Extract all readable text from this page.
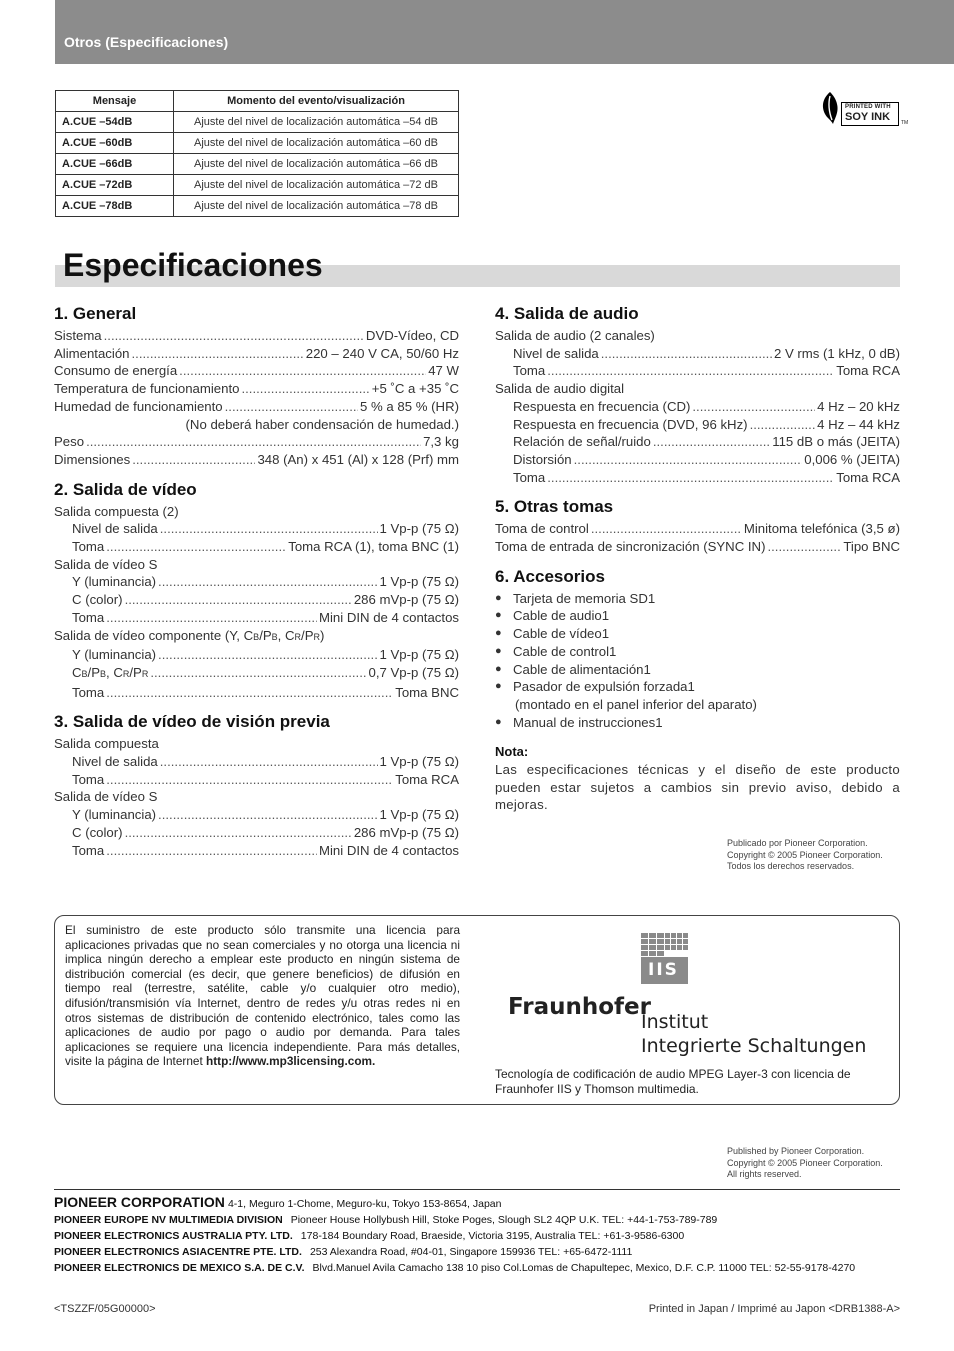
Otros (Especificaciones)
Mensaje	Momento del evento/visualización
A.CUE –54dB	Ajuste del nivel de localización automática –54 dB
A.CUE –60dB	Ajuste del nivel de localización automática –60 dB
A.CUE –66dB	Ajuste del nivel de localización automática –66 dB
A.CUE –72dB	Ajuste del nivel de localización automática –72 dB
A.CUE –78dB	Ajuste del nivel de localización automática –78 dB
PRINTED WITH
SOY INK TM
Especificaciones
1. General
Sistema .....	DVD-Vídeo, CD
Alimentación .....	220 – 240 V CA, 50/60 Hz
Consumo de energía .....	47 W
Temperatura de funcionamiento .....	+5 ˚C a +35 ˚C
Humedad de funcionamiento .....	5 % a 85 % (HR)
(No deberá haber condensación de humedad.)
Peso .....	7,3 kg
Dimensiones .....	348 (An) x 451 (Al) x 128 (Prf) mm
2. Salida de vídeo
Salida compuesta (2)
Nivel de salida .....	1 Vp-p (75 Ω)
Toma .....	Toma RCA (1), toma BNC (1)
Salida de vídeo S
Y (luminancia) .....	1 Vp-p (75 Ω)
C (color) .....	286 mVp-p (75 Ω)
Toma .....	Mini DIN de 4 contactos
Salida de vídeo componente (Y, CB/PB, CR/PR)
Y (luminancia) .....	1 Vp-p (75 Ω)
CB/PB, CR/PR .....	0,7 Vp-p (75 Ω)
Toma .....	Toma BNC
3. Salida de vídeo de visión previa
Salida compuesta
Nivel de salida .....	1 Vp-p (75 Ω)
Toma .....	Toma RCA
Salida de vídeo S
Y (luminancia) .....	1 Vp-p (75 Ω)
C (color) .....	286 mVp-p (75 Ω)
Toma .....	Mini DIN de 4 contactos
4. Salida de audio
Salida de audio (2 canales)
Nivel de salida .....	2 V rms (1 kHz, 0 dB)
Toma .....	Toma RCA
Salida de audio digital
Respuesta en frecuencia (CD) .....	4 Hz – 20 kHz
Respuesta en frecuencia (DVD, 96 kHz) .....	4 Hz – 44 kHz
Relación de señal/ruido .....	115 dB o más (JEITA)
Distorsión .....	0,006 % (JEITA)
Toma .....	Toma RCA
5. Otras tomas
Toma de control .....	Minitoma telefónica (3,5 ø)
Toma de entrada de sincronización (SYNC IN) .....	Tipo BNC
6. Accesorios
● Tarjeta de memoria SD 1
● Cable de audio 1
● Cable de vídeo 1
● Cable de control 1
● Cable de alimentación 1
● Pasador de expulsión forzada 1
(montado en el panel inferior del aparato)
● Manual de instrucciones 1
Nota:
Las especificaciones técnicas y el diseño de este producto pueden estar sujetos a cambios sin previo aviso, debido a mejoras.
Publicado por Pioneer Corporation.
Copyright © 2005 Pioneer Corporation.
Todos los derechos reservados.
El suministro de este producto sólo transmite una licencia para aplicaciones privadas que no sean comerciales y no otorga una licencia ni implica ningún derecho a emplear este producto en ningún sistema de distribución comercial (es decir, que genere beneficios) de difusión en tiempo real (terrestre, satélite, cable y/o cualquier otro medio), difusión/transmisión vía Internet, dentro de redes y/u otras redes ni en otros sistemas de distribución de contenido electrónico, tales como las aplicaciones de audio por pago o audio por demanda. Para tales aplicaciones se requiere una licencia independiente. Para más detalles, visite la página de Internet http://www.mp3licensing.com.
IIS
Fraunhofer
Institut
Integrierte Schaltungen
Tecnología de codificación de audio MPEG Layer-3 con licencia de Fraunhofer IIS y Thomson multimedia.
Published by Pioneer Corporation.
Copyright © 2005 Pioneer Corporation.
All rights reserved.
PIONEER CORPORATION 4-1, Meguro 1-Chome, Meguro-ku, Tokyo 153-8654, Japan
PIONEER EUROPE NV MULTIMEDIA DIVISION Pioneer House Hollybush Hill, Stoke Poges, Slough SL2 4QP U.K. TEL: +44-1-753-789-789
PIONEER ELECTRONICS AUSTRALIA PTY. LTD. 178-184 Boundary Road, Braeside, Victoria 3195, Australia TEL: +61-3-9586-6300
PIONEER ELECTRONICS ASIACENTRE PTE. LTD. 253 Alexandra Road, #04-01, Singapore 159936 TEL: +65-6472-1111
PIONEER ELECTRONICS DE MEXICO S.A. DE C.V. Blvd.Manuel Avila Camacho 138 10 piso Col.Lomas de Chapultepec, Mexico, D.F. C.P. 11000 TEL: 52-55-9178-4270
<TSZZF/05G00000>	Printed in Japan / Imprimé au Japon <DRB1388-A>
